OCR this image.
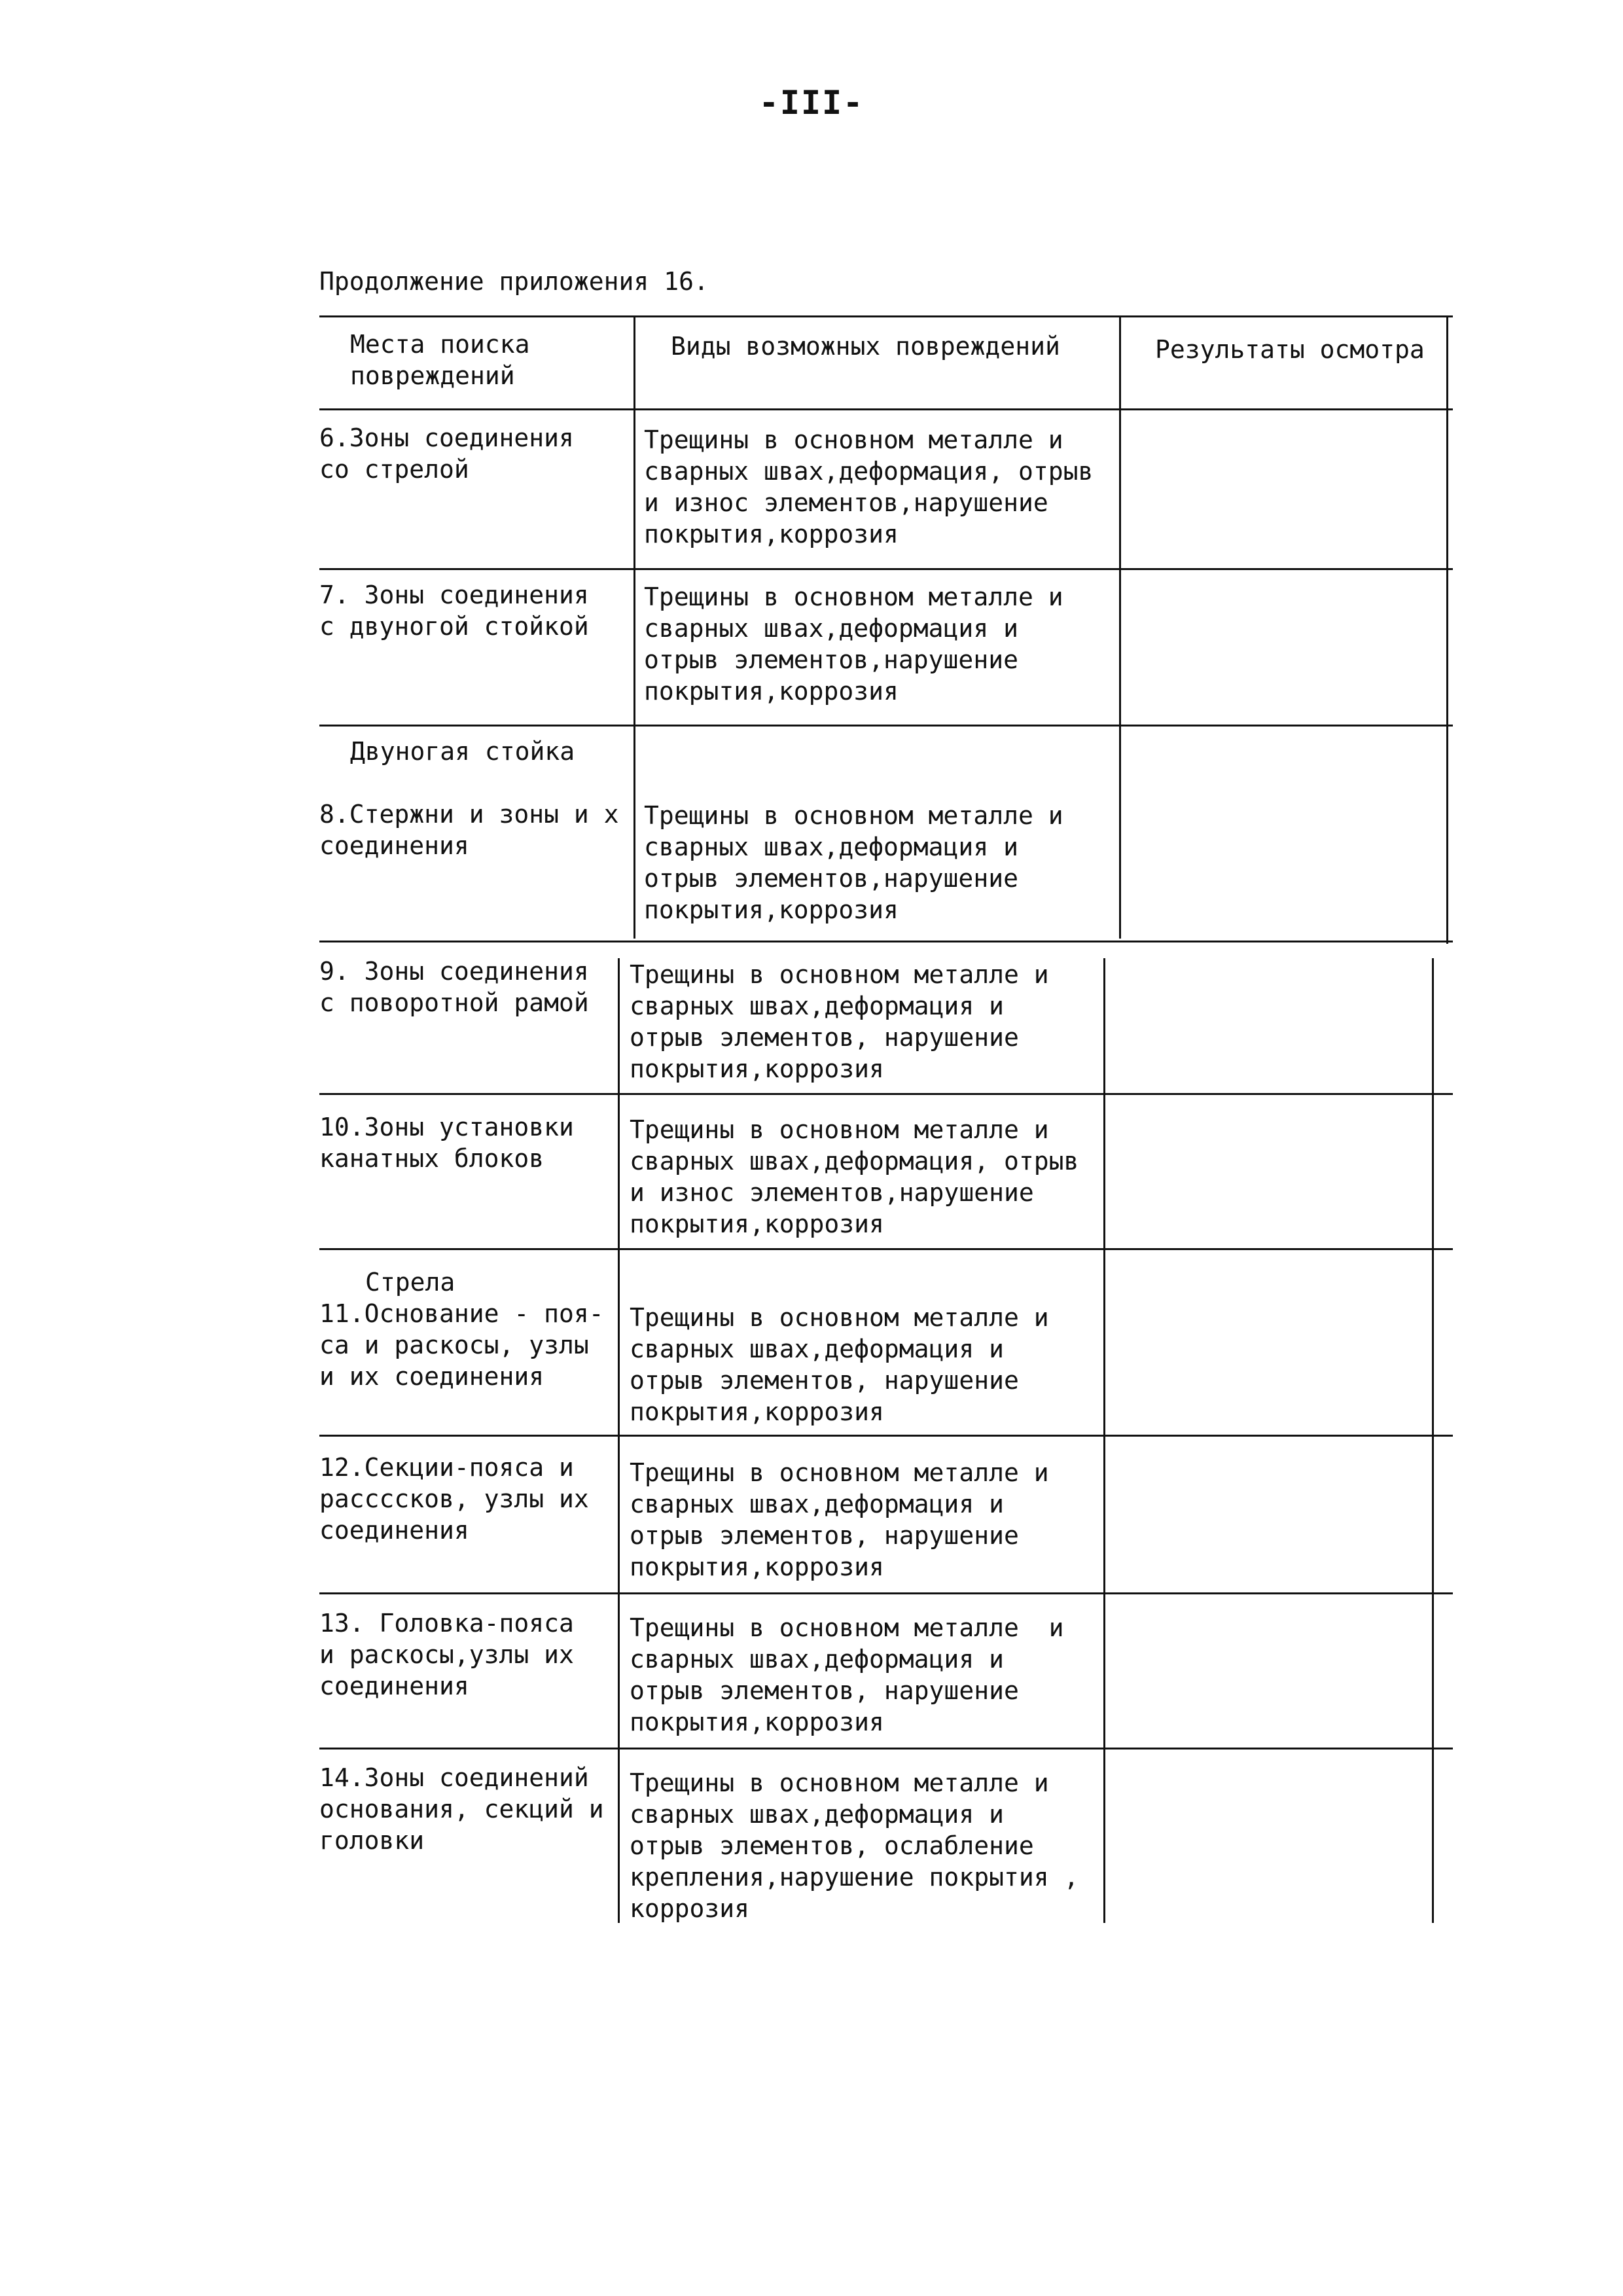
-III-
Продолжение приложения 16.
Места поиска
повреждений
Виды возможных повреждений	Результаты осмотра
6.Зоны соединения
со стрелой
Трещины в основном металле и
сварных швах,деформация, отрыв
и износ элементов,нарушение
покрытия,коррозия
7. Зоны соединения
с двуногой стойкой
Трещины в основном металле и
сварных швах,деформация и
отрыв элементов,нарушение
покрытия,коррозия
Двуногая стойка
8.Стержни и зоны и х
соединения
Трещины в основном металле и
сварных швах,деформация и
отрыв элементов,нарушение
покрытия,коррозия
9. Зоны соединения
с поворотной рамой
Трещины в основном металле и
сварных швах,деформация и
отрыв элементов, нарушение
покрытия,коррозия
10.Зоны установки
канатных блоков
Трещины в основном металле и
сварных швах,деформация, отрыв
и износ элементов,нарушение
покрытия,коррозия
Стрела
11.Основание - поя-
са и раскосы, узлы
и их соединения
Трещины в основном металле и
сварных швах,деформация и
отрыв элементов, нарушение
покрытия,коррозия
12.Секции-пояса и
рассссков, узлы их
соединения
Трещины в основном металле и
сварных швах,деформация и
отрыв элементов, нарушение
покрытия,коррозия
13. Головка-пояса
и раскосы,узлы их
соединения
Трещины в основном металле  и
сварных швах,деформация и
отрыв элементов, нарушение
покрытия,коррозия
14.Зоны соединений
основания, секций и
головки
Трещины в основном металле и
сварных швах,деформация и
отрыв элементов, ослабление
крепления,нарушение покрытия ,
коррозия
